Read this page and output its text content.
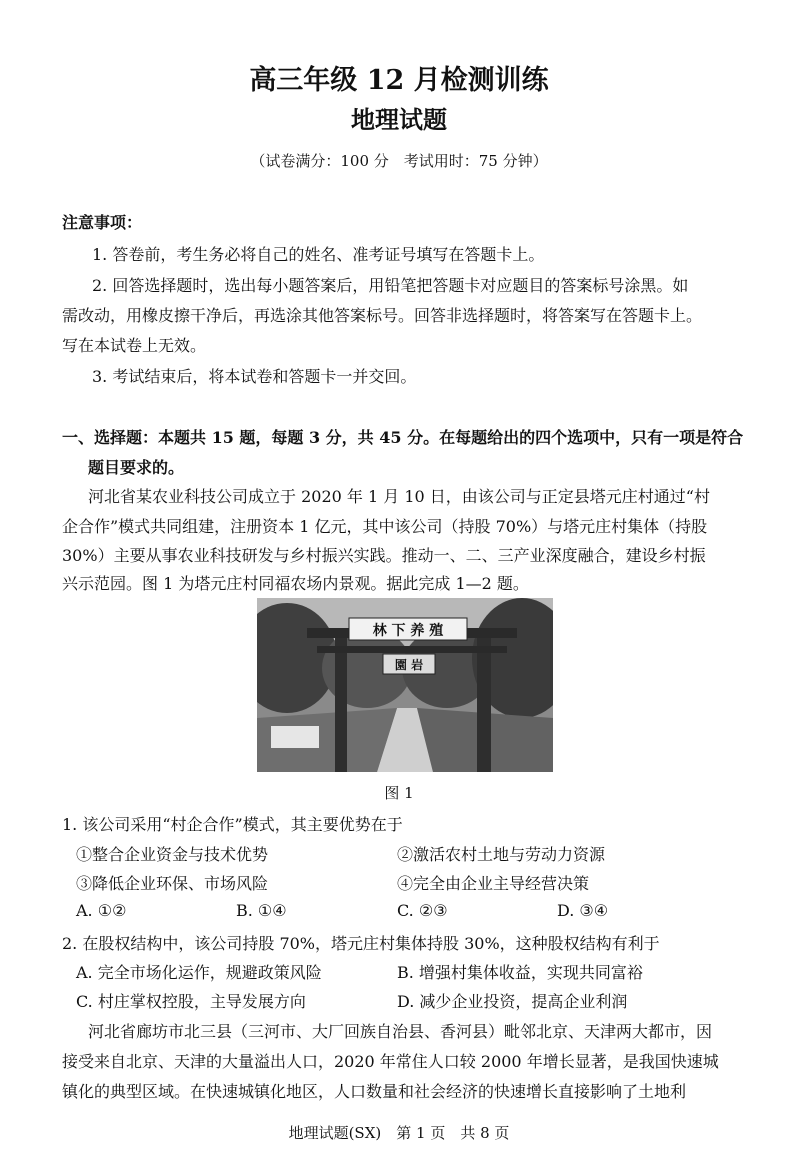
高三年级 12 月检测训练
地理试题
（试卷满分：100 分　考试用时：75 分钟）
注意事项：
1. 答卷前，考生务必将自己的姓名、准考证号填写在答题卡上。
2. 回答选择题时，选出每小题答案后，用铅笔把答题卡对应题目的答案标号涂黑。如
需改动，用橡皮擦干净后，再选涂其他答案标号。回答非选择题时，将答案写在答题卡上。
写在本试卷上无效。
3. 考试结束后，将本试卷和答题卡一并交回。
一、选择题：本题共 15 题，每题 3 分，共 45 分。在每题给出的四个选项中，只有一项是符合
题目要求的。
河北省某农业科技公司成立于 2020 年 1 月 10 日，由该公司与正定县塔元庄村通过“村
企合作”模式共同组建，注册资本 1 亿元，其中该公司（持股 70%）与塔元庄村集体（持股
30%）主要从事农业科技研发与乡村振兴实践。推动一、二、三产业深度融合，建设乡村振
兴示范园。图 1 为塔元庄村同福农场内景观。据此完成 1—2 题。
林 下 养 殖
園 岩
图 1
1. 该公司采用“村企合作”模式，其主要优势在于
①整合企业资金与技术优势	②激活农村土地与劳动力资源
③降低企业环保、市场风险	④完全由企业主导经营决策
A. ①②	B. ①④	C. ②③	D. ③④
2. 在股权结构中，该公司持股 70%，塔元庄村集体持股 30%，这种股权结构有利于
A. 完全市场化运作，规避政策风险	B. 增强村集体收益，实现共同富裕
C. 村庄掌权控股，主导发展方向	D. 减少企业投资，提高企业利润
河北省廊坊市北三县（三河市、大厂回族自治县、香河县）毗邻北京、天津两大都市，因
接受来自北京、天津的大量溢出人口，2020 年常住人口较 2000 年增长显著，是我国快速城
镇化的典型区域。在快速城镇化地区，人口数量和社会经济的快速增长直接影响了土地利
地理试题(SX)　第 1 页　共 8 页
